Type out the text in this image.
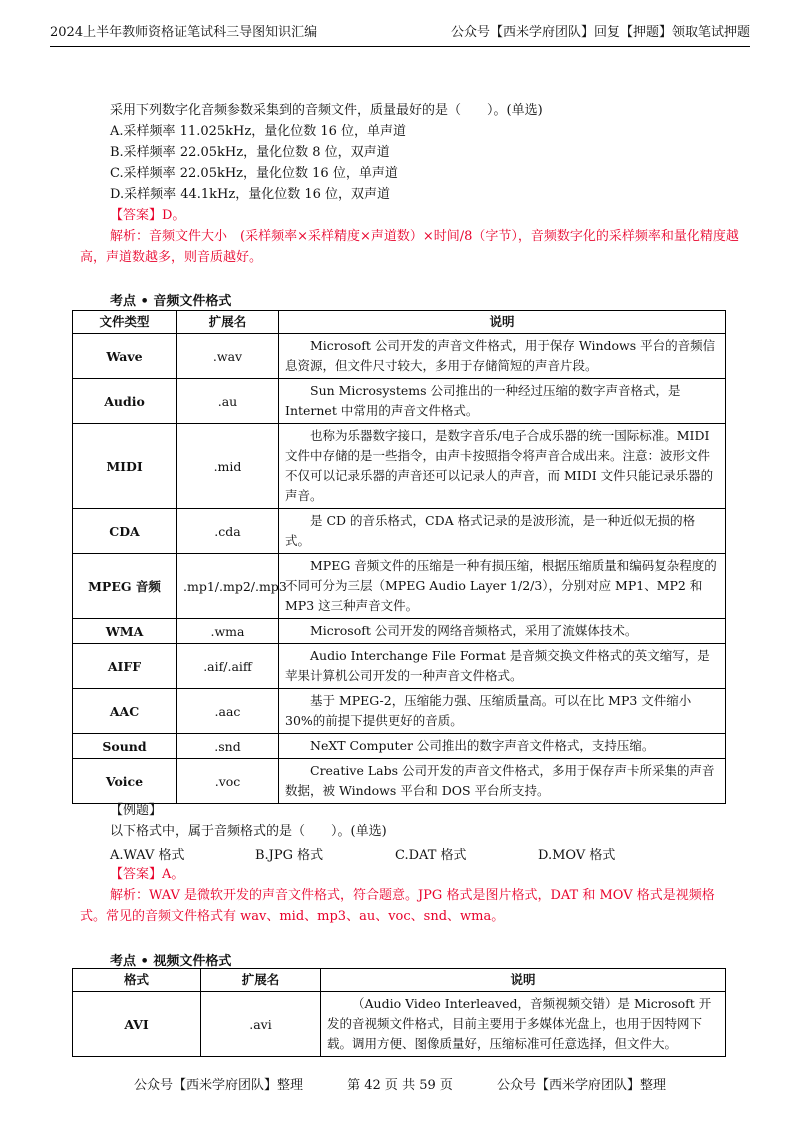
2024上半年教师资格证笔试科三导图知识汇编	公众号【西米学府团队】回复【押题】领取笔试押题
采用下列数字化音频参数采集到的音频文件，质量最好的是（　　）。(单选)
A.采样频率 11.025kHz，量化位数 16 位，单声道
B.采样频率 22.05kHz，量化位数 8 位，双声道
C.采样频率 22.05kHz，量化位数 16 位，单声道
D.采样频率 44.1kHz，量化位数 16 位，双声道
【答案】D。
解析：音频文件大小　(采样频率×采样精度×声道数）×时间/8（字节），音频数字化的采样频率和量化精度越高，声道数越多，则音质越好。
考点 • 音频文件格式
文件类型	扩展名	说明
Wave	.wav	Microsoft 公司开发的声音文件格式，用于保存 Windows 平台的音频信息资源，但文件尺寸较大，多用于存储简短的声音片段。
Audio	.au	Sun Microsystems 公司推出的一种经过压缩的数字声音格式，是 Internet 中常用的声音文件格式。
MIDI	.mid	也称为乐器数字接口，是数字音乐/电子合成乐器的统一国际标准。MIDI 文件中存储的是一些指令，由声卡按照指令将声音合成出来。注意：波形文件不仅可以记录乐器的声音还可以记录人的声音，而 MIDI 文件只能记录乐器的声音。
CDA	.cda	是 CD 的音乐格式，CDA 格式记录的是波形流，是一种近似无损的格式。
MPEG 音频	.mp1/.mp2/.mp3	MPEG 音频文件的压缩是一种有损压缩，根据压缩质量和编码复杂程度的不同可分为三层（MPEG Audio Layer 1/2/3），分别对应 MP1、MP2 和 MP3 这三种声音文件。
WMA	.wma	Microsoft 公司开发的网络音频格式，采用了流媒体技术。
AIFF	.aif/.aiff	Audio Interchange File Format 是音频交换文件格式的英文缩写，是苹果计算机公司开发的一种声音文件格式。
AAC	.aac	基于 MPEG-2，压缩能力强、压缩质量高。可以在比 MP3 文件缩小 30%的前提下提供更好的音质。
Sound	.snd	NeXT Computer 公司推出的数字声音文件格式，支持压缩。
Voice	.voc	Creative Labs 公司开发的声音文件格式，多用于保存声卡所采集的声音数据，被 Windows 平台和 DOS 平台所支持。
【例题】
以下格式中，属于音频格式的是（　　）。(单选)
A.WAV 格式	B.JPG 格式	C.DAT 格式	D.MOV 格式
【答案】A。
解析：WAV 是微软开发的声音文件格式，符合题意。JPG 格式是图片格式，DAT 和 MOV 格式是视频格式。常见的音频文件格式有 wav、mid、mp3、au、voc、snd、wma。
考点 • 视频文件格式
格式	扩展名	说明
AVI	.avi	（Audio Video Interleaved，音频视频交错）是 Microsoft 开发的音视频文件格式，目前主要用于多媒体光盘上，也用于因特网下载。调用方便、图像质量好，压缩标准可任意选择，但文件大。
公众号【西米学府团队】整理	第 42 页 共 59 页	公众号【西米学府团队】整理
